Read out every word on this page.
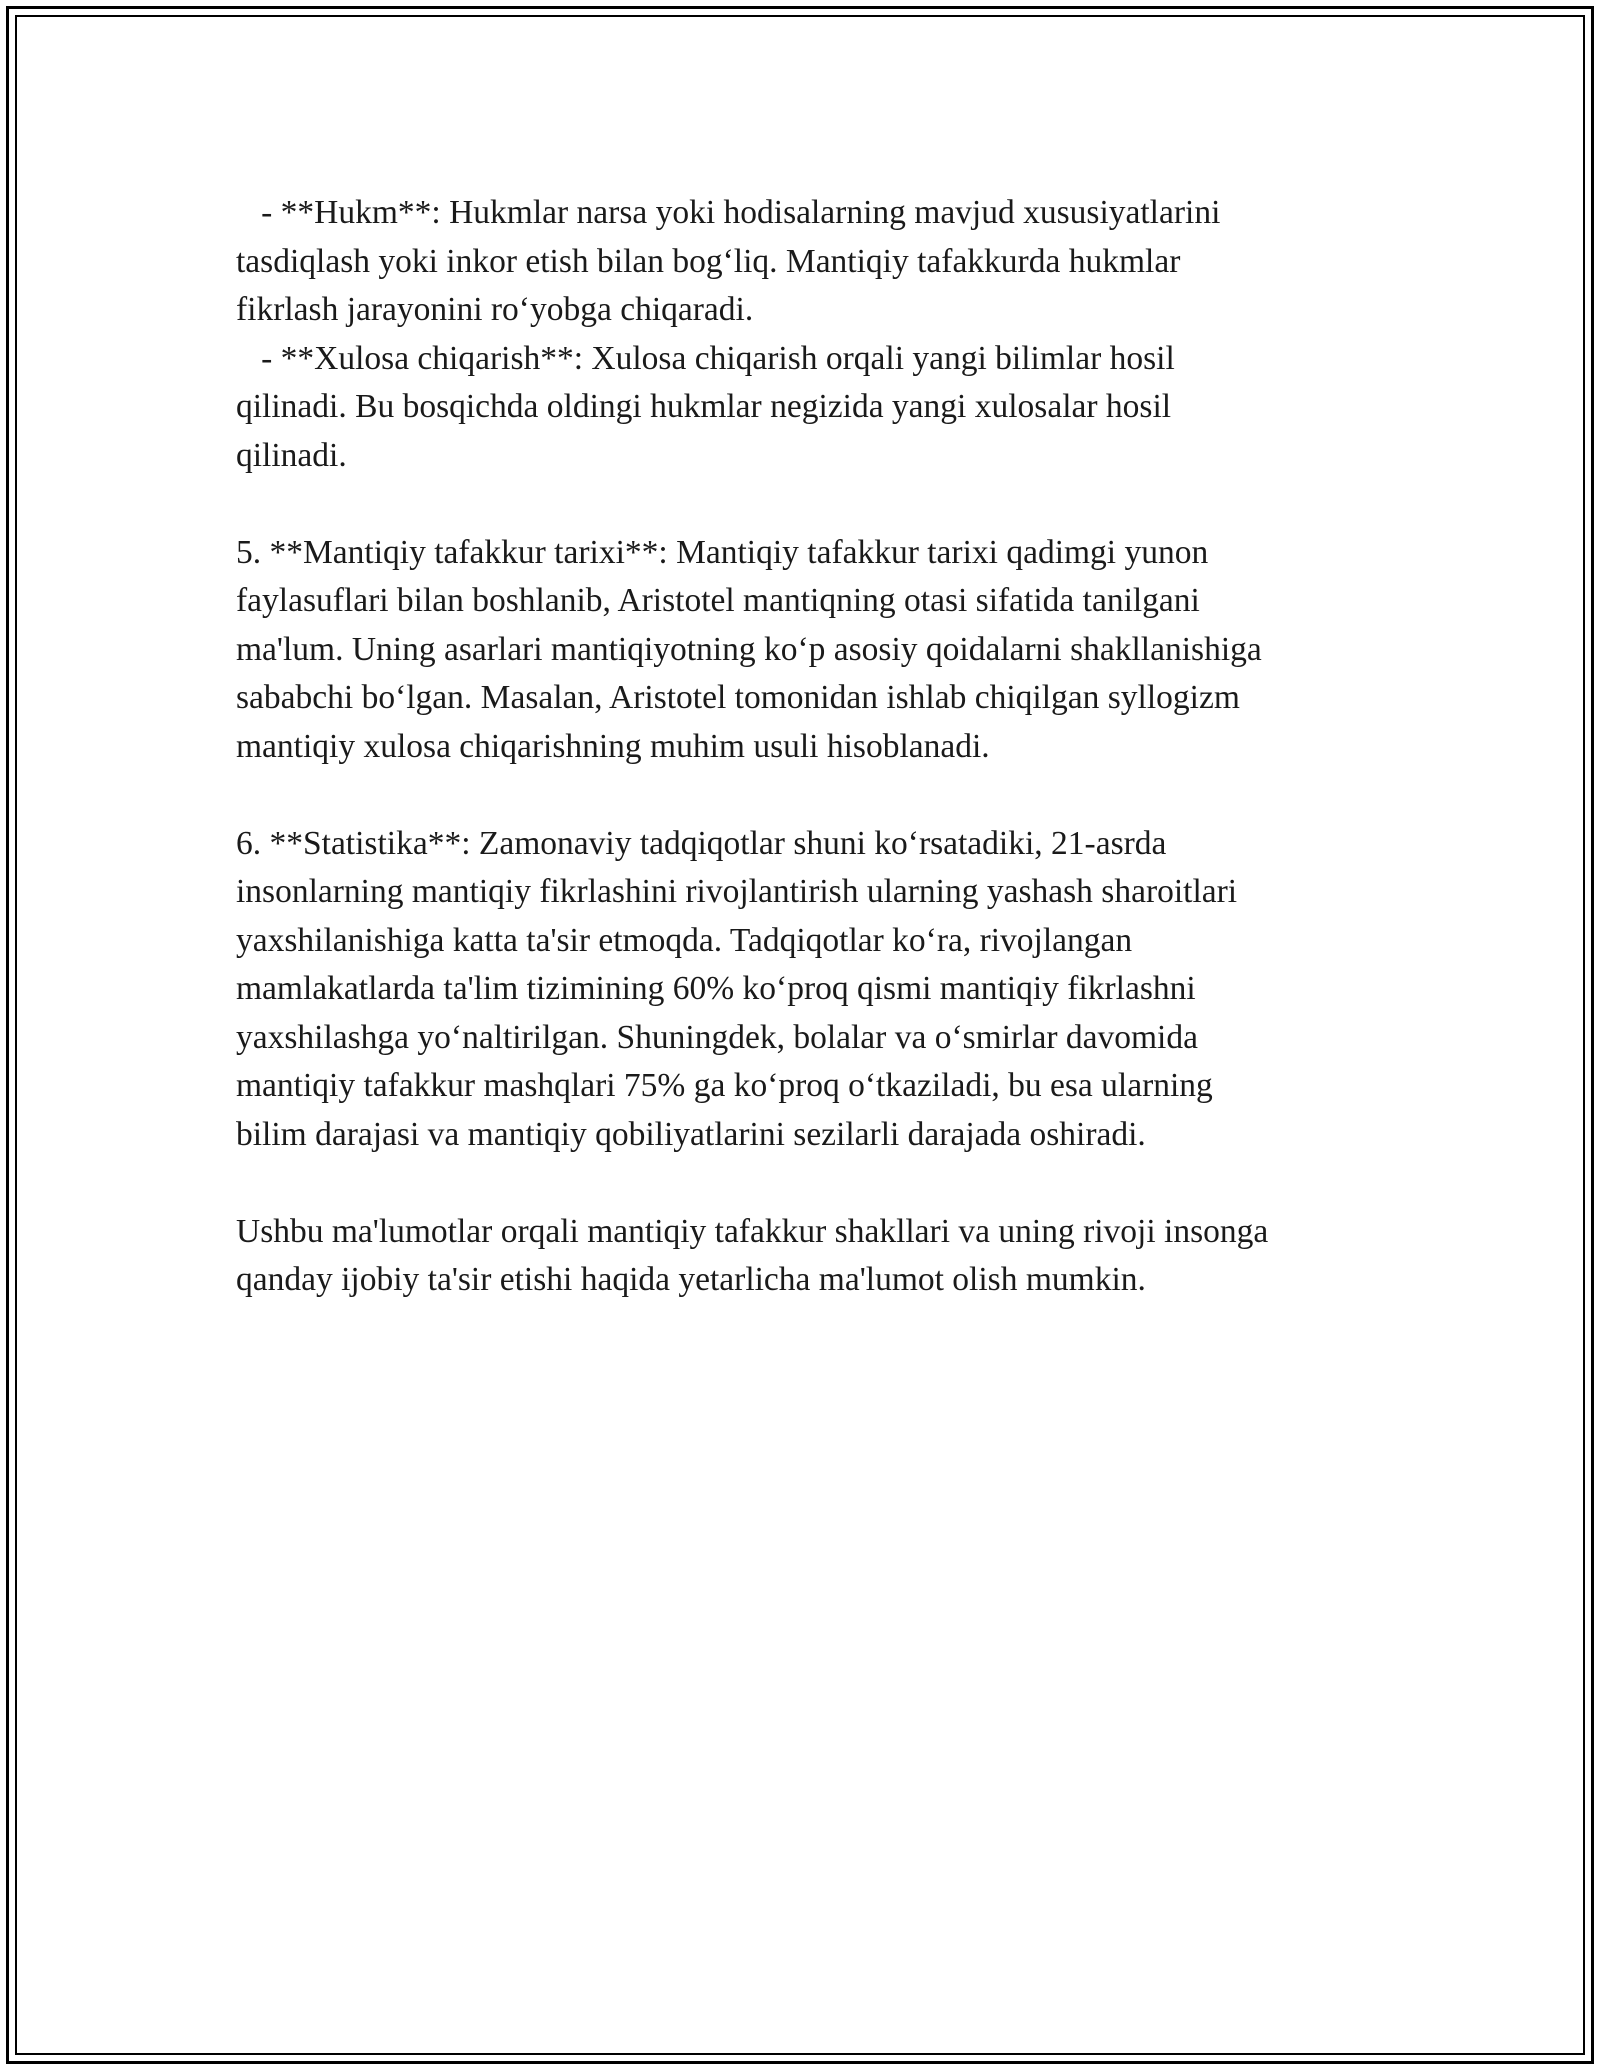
- **Hukm**: Hukmlar narsa yoki hodisalarning mavjud xususiyatlarini
tasdiqlash yoki inkor etish bilan bog‘liq. Mantiqiy tafakkurda hukmlar
fikrlash jarayonini ro‘yobga chiqaradi.
- **Xulosa chiqarish**: Xulosa chiqarish orqali yangi bilimlar hosil
qilinadi. Bu bosqichda oldingi hukmlar negizida yangi xulosalar hosil
qilinadi.
5. **Mantiqiy tafakkur tarixi**: Mantiqiy tafakkur tarixi qadimgi yunon
faylasuflari bilan boshlanib, Aristotel mantiqning otasi sifatida tanilgani
ma'lum. Uning asarlari mantiqiyotning ko‘p asosiy qoidalarni shakllanishiga
sababchi bo‘lgan. Masalan, Aristotel tomonidan ishlab chiqilgan syllogizm
mantiqiy xulosa chiqarishning muhim usuli hisoblanadi.
6. **Statistika**: Zamonaviy tadqiqotlar shuni ko‘rsatadiki, 21-asrda
insonlarning mantiqiy fikrlashini rivojlantirish ularning yashash sharoitlari
yaxshilanishiga katta ta'sir etmoqda. Tadqiqotlar ko‘ra, rivojlangan
mamlakatlarda ta'lim tizimining 60% ko‘proq qismi mantiqiy fikrlashni
yaxshilashga yo‘naltirilgan. Shuningdek, bolalar va o‘smirlar davomida
mantiqiy tafakkur mashqlari 75% ga ko‘proq o‘tkaziladi, bu esa ularning
bilim darajasi va mantiqiy qobiliyatlarini sezilarli darajada oshiradi.
Ushbu ma'lumotlar orqali mantiqiy tafakkur shakllari va uning rivoji insonga
qanday ijobiy ta'sir etishi haqida yetarlicha ma'lumot olish mumkin.
